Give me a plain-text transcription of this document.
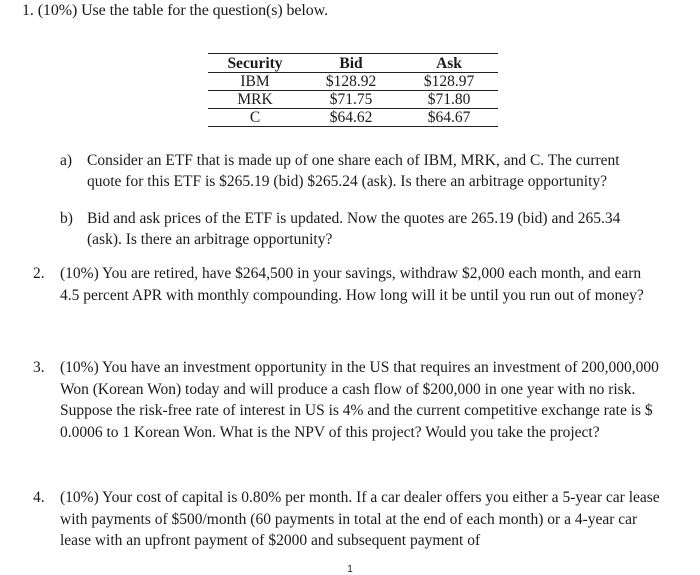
1. (10%) Use the table for the question(s) below.
Security	Bid	Ask
IBM	$128.92	$128.97
MRK	$71.75	$71.80
C	$64.62	$64.67
a) Consider an ETF that is made up of one share each of IBM, MRK, and C. The current quote for this ETF is $265.19 (bid) $265.24 (ask). Is there an arbitrage opportunity?
b) Bid and ask prices of the ETF is updated. Now the quotes are 265.19 (bid) and 265.34 (ask). Is there an arbitrage opportunity?
2. (10%) You are retired, have $264,500 in your savings, withdraw $2,000 each month, and earn 4.5 percent APR with monthly compounding. How long will it be until you run out of money?
3. (10%) You have an investment opportunity in the US that requires an investment of 200,000,000 Won (Korean Won) today and will produce a cash flow of $200,000 in one year with no risk. Suppose the risk-free rate of interest in US is 4% and the current competitive exchange rate is $ 0.0006 to 1 Korean Won. What is the NPV of this project? Would you take the project?
4. (10%) Your cost of capital is 0.80% per month. If a car dealer offers you either a 5-year car lease with payments of $500/month (60 payments in total at the end of each month) or a 4-year car lease with an upfront payment of $2000 and subsequent payment of
1
